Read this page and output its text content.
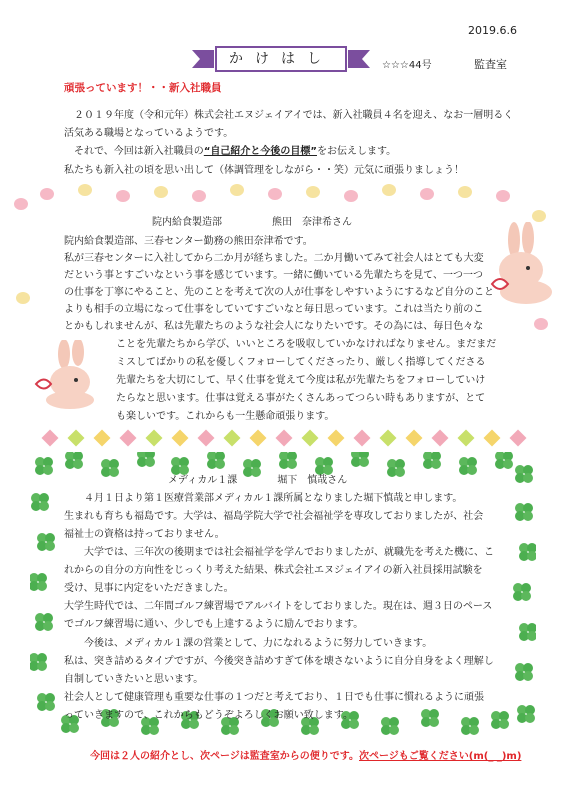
2019.6.6
かけはし	☆☆☆44号	監査室
頑張っています！・・新入社職員
２０１９年度（令和元年）株式会社エヌジェイアイでは、新入社職員４名を迎え、なお一層明るく
活気ある職場となっているようです。
それで、今回は新入社職員の“自己紹介と今後の目標”をお伝えします。
私たちも新入社の頃を思い出して（体調管理をしながら・・笑）元気に頑張りましょう！
院内給食製造部　　　　　熊田　奈津希さん
院内給食製造部、三春センター勤務の熊田奈津希です。
私が三春センターに入社してから二か月が経ちました。二か月働いてみて社会人はとても大変
だという事とすごいなという事を感じています。一緒に働いている先輩たちを見て、一つ一つ
の仕事を丁寧にやること、先のことを考えて次の人が仕事をしやすいようにするなど自分のこと
よりも相手の立場になって仕事をしていてすごいなと毎日思っています。これは当たり前のこ
とかもしれませんが、私は先輩たちのような社会人になりたいです。その為には、毎日色々な
ことを先輩たちから学び、いいところを吸収していかなければなりません。まだまだ
ミスしてばかりの私を優しくフォローしてくださったり、厳しく指導してくださる
先輩たちを大切にして、早く仕事を覚えて今度は私が先輩たちをフォローしていけ
たらなと思います。仕事は覚える事がたくさんあってつらい時もありますが、とて
も楽しいです。これからも一生懸命頑張ります。
メディカル１課　　　　堀下　慎哉さん
４月１日より第１医療営業部メディカル１課所属となりました堀下慎哉と申します。
生まれも育ちも福島です。大学は、福島学院大学で社会福祉学を専攻しておりましたが、社会
福祉士の資格は持っておりません。
大学では、三年次の後期までは社会福祉学を学んでおりましたが、就職先を考えた機に、こ
れからの自分の方向性をじっくり考えた結果、株式会社エヌジェイアイの新入社員採用試験を
受け、見事に内定をいただきました。
大学生時代では、二年間ゴルフ練習場でアルバイトをしておりました。現在は、週３日のペース
でゴルフ練習場に通い、少しでも上達するように励んでおります。
今後は、メディカル１課の営業として、力になれるように努力していきます。
私は、突き詰めるタイプですが、今後突き詰めすぎて体を壊さないように自分自身をよく理解し
自制していきたいと思います。
社会人として健康管理も重要な仕事の１つだと考えており、１日でも仕事に慣れるように頑張
っていきますので、これからもどうぞよろしくお願い致します。
今回は２人の紹介とし、次ページは監査室からの便りです。次ページもご覧ください(m(_ _)m)
